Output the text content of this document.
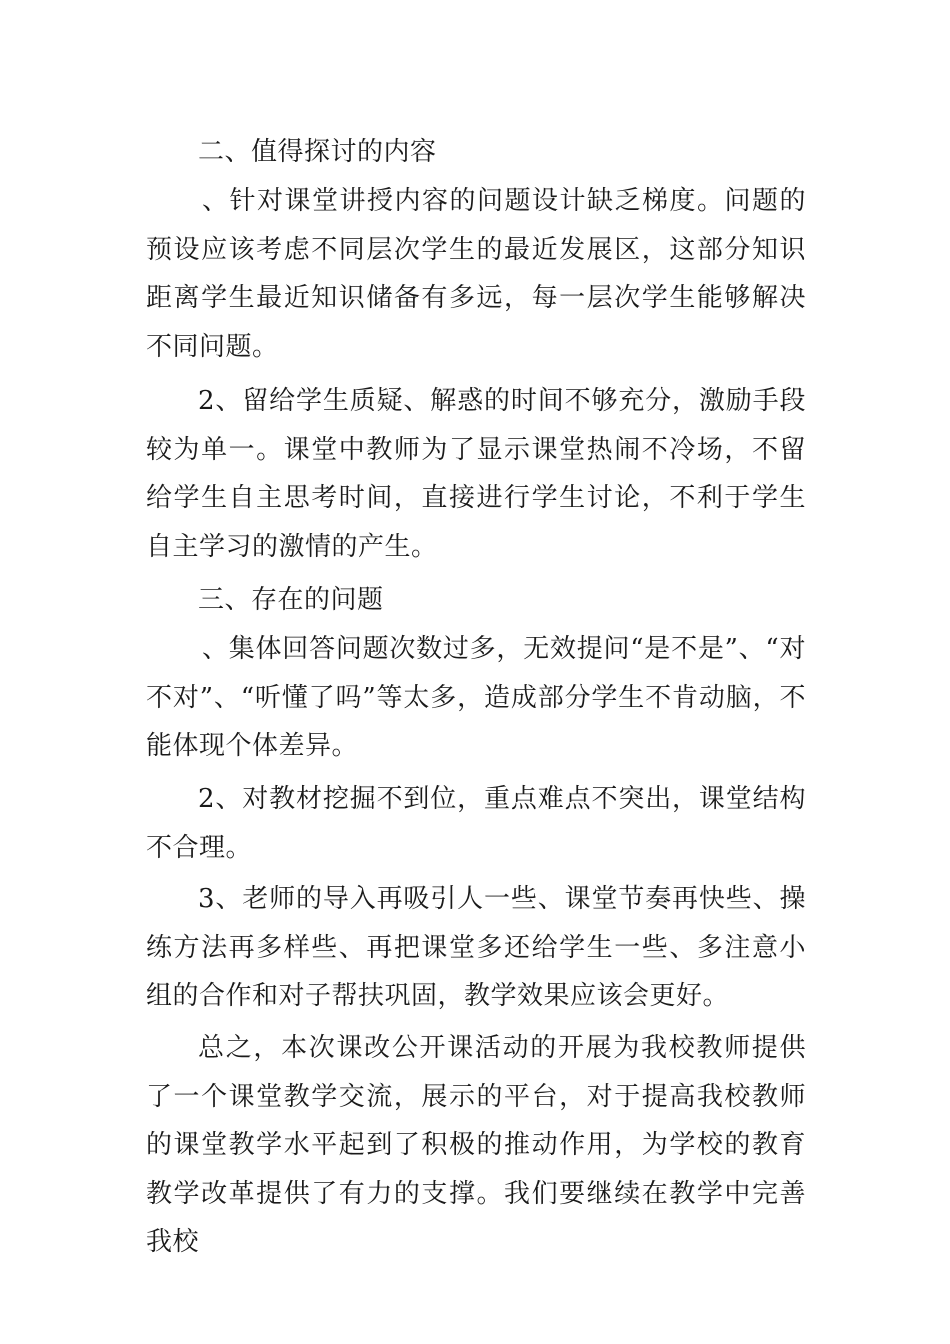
二、值得探讨的内容

、针对课堂讲授内容的问题设计缺乏梯度。问题的预设应该考虑不同层次学生的最近发展区，这部分知识距离学生最近知识储备有多远，每一层次学生能够解决不同问题。

2、留给学生质疑、解惑的时间不够充分，激励手段较为单一。课堂中教师为了显示课堂热闹不冷场，不留给学生自主思考时间，直接进行学生讨论，不利于学生自主学习的激情的产生。

三、存在的问题

、集体回答问题次数过多，无效提问“是不是”、“对不对”、“听懂了吗”等太多，造成部分学生不肯动脑，不能体现个体差异。

2、对教材挖掘不到位，重点难点不突出，课堂结构不合理。

3、老师的导入再吸引人一些、课堂节奏再快些、操练方法再多样些、再把课堂多还给学生一些、多注意小组的合作和对子帮扶巩固，教学效果应该会更好。

总之，本次课改公开课活动的开展为我校教师提供了一个课堂教学交流，展示的平台，对于提高我校教师的课堂教学水平起到了积极的推动作用，为学校的教育教学改革提供了有力的支撑。我们要继续在教学中完善我校
